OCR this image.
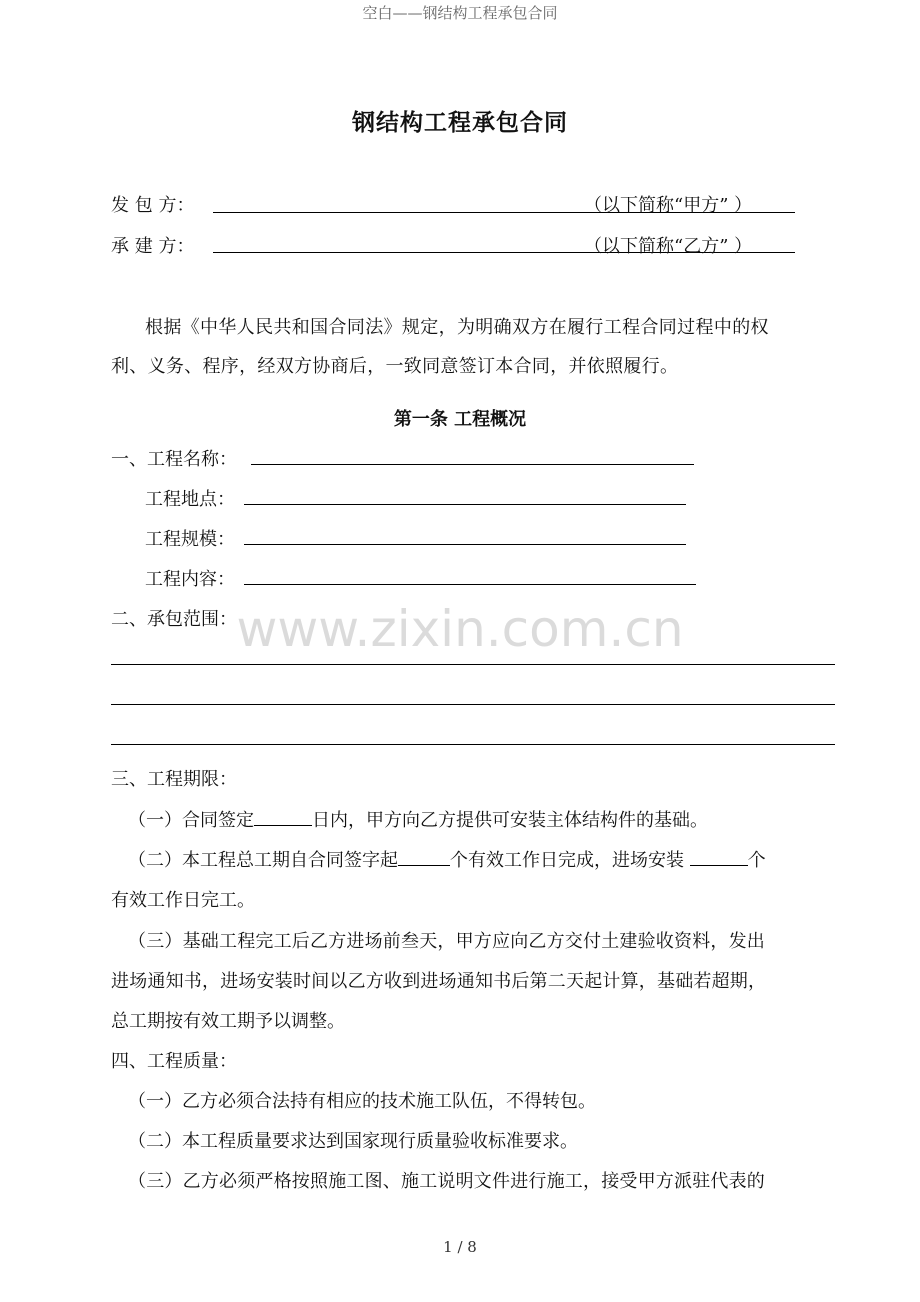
空白——钢结构工程承包合同
钢结构工程承包合同
发 包 方：	（以下简称“甲方” ）
承 建 方：	（以下简称“乙方” ）
根据《中华人民共和国合同法》规定，为明确双方在履行工程合同过程中的权
利、义务、程序，经双方协商后，一致同意签订本合同，并依照履行。
第一条 工程概况
一、工程名称：
工程地点：
工程规模：
工程内容：
二、承包范围： www.zixin.com.cn
三、工程期限：
（一）合同签定	日内，甲方向乙方提供可安装主体结构件的基础。
（二）本工程总工期自合同签字起	个有效工作日完成，进场安装	个
有效工作日完工。
（三）基础工程完工后乙方进场前叁天，甲方应向乙方交付土建验收资料，发出
进场通知书，进场安装时间以乙方收到进场通知书后第二天起计算，基础若超期，
总工期按有效工期予以调整。
四、工程质量：
（一）乙方必须合法持有相应的技术施工队伍，不得转包。
（二）本工程质量要求达到国家现行质量验收标准要求。
（三）乙方必须严格按照施工图、施工说明文件进行施工，接受甲方派驻代表的
1 / 8
